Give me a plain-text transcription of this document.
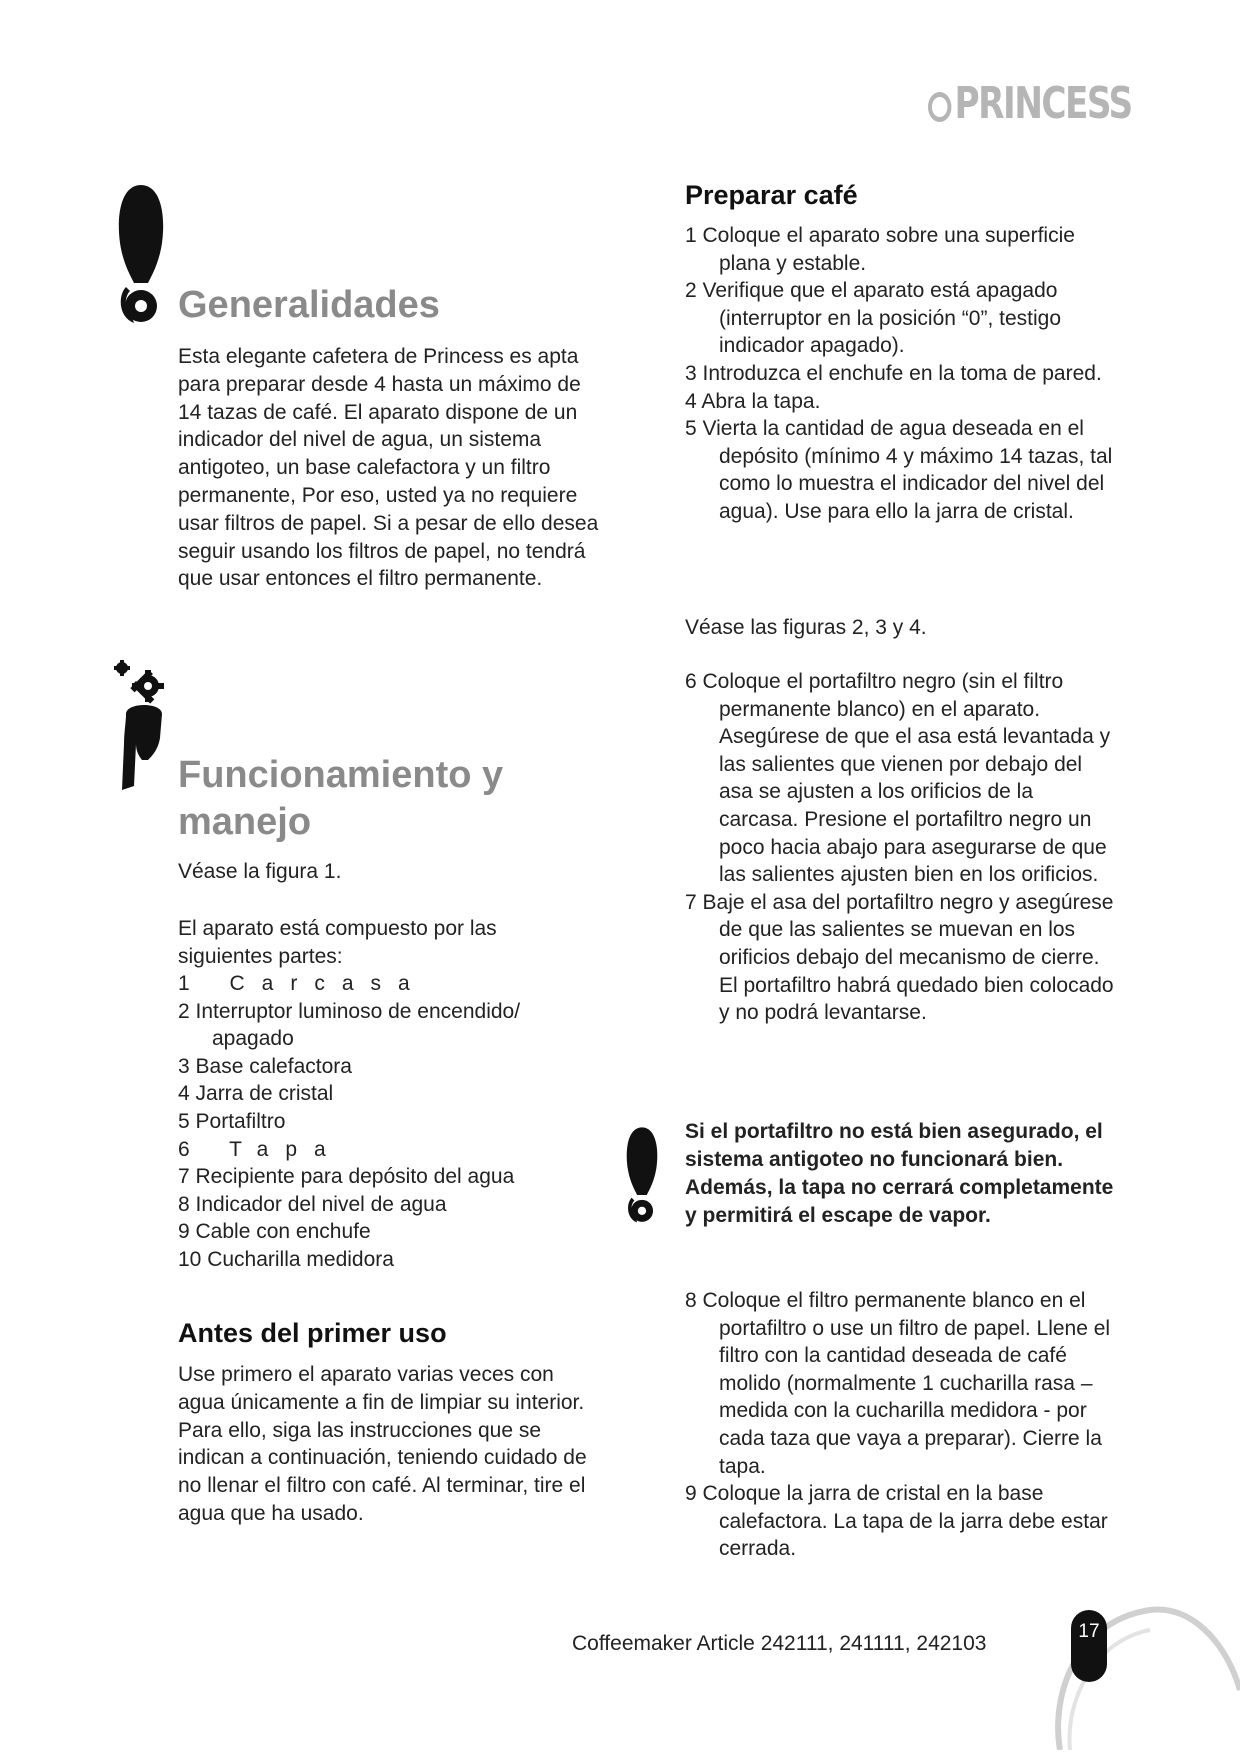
PRINCESS
Generalidades

Esta elegante cafetera de Princess es apta para preparar desde 4 hasta un máximo de 14 tazas de café. El aparato dispone de un indicador del nivel de agua, un sistema antigoteo, un base calefactora y un filtro permanente, Por eso, usted ya no requiere usar filtros de papel. Si a pesar de ello desea seguir usando los filtros de papel, no tendrá que usar entonces el filtro permanente.

Funcionamiento y
manejo

Véase la figura 1.

El aparato está compuesto por las siguientes partes:

1 Carcasa
2 Interruptor luminoso de encendido/ apagado
3 Base calefactora
4 Jarra de cristal
5 Portafiltro
6 Tapa
7 Recipiente para depósito del agua
8 Indicador del nivel de agua
9 Cable con enchufe
10 Cucharilla medidora
Antes del primer uso

Use primero el aparato varias veces con agua únicamente a fin de limpiar su interior. Para ello, siga las instrucciones que se indican a continuación, teniendo cuidado de no llenar el filtro con café. Al terminar, tire el agua que ha usado.

Preparar café
1 Coloque el aparato sobre una superficie plana y estable.
2 Verifique que el aparato está apagado (interruptor en la posición “0”, testigo indicador apagado).
3 Introduzca el enchufe en la toma de pared.
4 Abra la tapa.
5 Vierta la cantidad de agua deseada en el depósito (mínimo 4 y máximo 14 tazas, tal como lo muestra el indicador del nivel del agua). Use para ello la jarra de cristal.

Véase las figuras 2, 3 y 4.

6 Coloque el portafiltro negro (sin el filtro permanente blanco) en el aparato. Asegúrese de que el asa está levantada y las salientes que vienen por debajo del asa se ajusten a los orificios de la carcasa. Presione el portafiltro negro un poco hacia abajo para asegurarse de que las salientes ajusten bien en los orificios.
7 Baje el asa del portafiltro negro y asegúrese de que las salientes se muevan en los orificios debajo del mecanismo de cierre. El portafiltro habrá quedado bien colocado y no podrá levantarse.

Si el portafiltro no está bien asegurado, el sistema antigoteo no funcionará bien. Además, la tapa no cerrará completamente y permitirá el escape de vapor.

8 Coloque el filtro permanente blanco en el portafiltro o use un filtro de papel. Llene el filtro con la cantidad deseada de café molido (normalmente 1 cucharilla rasa – medida con la cucharilla medidora - por cada taza que vaya a preparar). Cierre la tapa.
9 Coloque la jarra de cristal en la base calefactora. La tapa de la jarra debe estar cerrada.
Coffeemaker Article 242111, 241111, 242103
17
